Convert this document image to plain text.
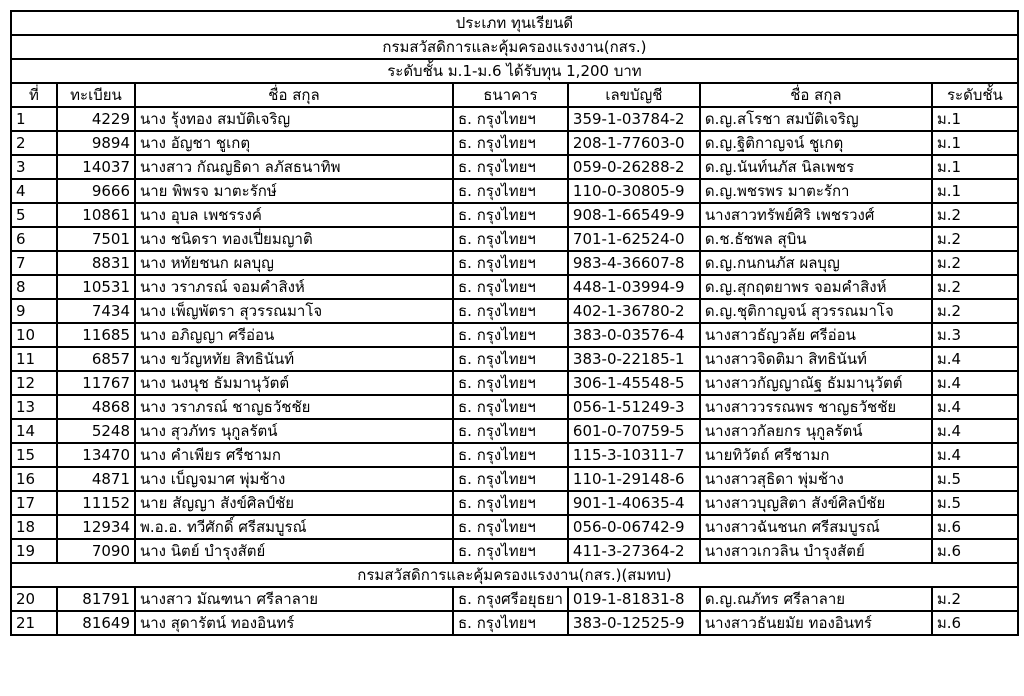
ประเภท ทุนเรียนดี						
กรมสวัสดิการและคุ้มครองแรงงาน(กสร.)						
ระดับชั้น ม.1-ม.6 ได้รับทุน 1,200 บาท						
ที่	ทะเบียน	ชื่อ สกุล	ธนาคาร	เลขบัญชี	ชื่อ สกุล	ระดับชั้น
1	4229	นาง รุ้งทอง สมบัติเจริญ	ธ. กรุงไทยฯ	359-1-03784-2	ด.ญ.สโรชา สมบัติเจริญ	ม.1
2	9894	นาง อัญชา ชูเกตุ	ธ. กรุงไทยฯ	208-1-77603-0	ด.ญ.ฐิติกาญจน์ ชูเกตุ	ม.1
3	14037	นางสาว กัณญธิดา ลภัสธนาทิพ	ธ. กรุงไทยฯ	059-0-26288-2	ด.ญ.นันท์นภัส นิลเพชร	ม.1
4	9666	นาย พิพรจ มาตะรักษ์	ธ. กรุงไทยฯ	110-0-30805-9	ด.ญ.พชรพร มาตะรักา	ม.1
5	10861	นาง อุบล เพชรรงค์	ธ. กรุงไทยฯ	908-1-66549-9	นางสาวทรัพย์ศิริ เพชรวงศ์	ม.2
6	7501	นาง ชนิดรา ทองเปี่ยมญาติ	ธ. กรุงไทยฯ	701-1-62524-0	ด.ช.ธัชพล สุบิน	ม.2
7	8831	นาง หทัยชนก ผลบุญ	ธ. กรุงไทยฯ	983-4-36607-8	ด.ญ.กนกนภัส ผลบุญ	ม.2
8	10531	นาง วราภรณ์ จอมคำสิงห์	ธ. กรุงไทยฯ	448-1-03994-9	ด.ญ.สุกฤตยาพร จอมคำสิงห์	ม.2
9	7434	นาง เพ็ญพัตรา สุวรรณมาโจ	ธ. กรุงไทยฯ	402-1-36780-2	ด.ญ.ชุติกาญจน์ สุวรรณมาโจ	ม.2
10	11685	นาง อภิญญา ศรีอ่อน	ธ. กรุงไทยฯ	383-0-03576-4	นางสาวธัญวลัย ศรีอ่อน	ม.3
11	6857	นาง ขวัญหทัย สิทธินันท์	ธ. กรุงไทยฯ	383-0-22185-1	นางสาวจิดติมา สิทธินันท์	ม.4
12	11767	นาง นงนุช ธัมมานุวัตต์	ธ. กรุงไทยฯ	306-1-45548-5	นางสาวกัญญาณัฐ ธัมมานุวัตต์	ม.4
13	4868	นาง วราภรณ์ ชาญธวัชชัย	ธ. กรุงไทยฯ	056-1-51249-3	นางสาววรรณพร ชาญธวัชชัย	ม.4
14	5248	นาง สุวภัทร นุกูลรัตน์	ธ. กรุงไทยฯ	601-0-70759-5	นางสาวกัลยกร นุกูลรัตน์	ม.4
15	13470	นาง คำเพียร ศรีชามก	ธ. กรุงไทยฯ	115-3-10311-7	นายทิวัตถ์ ศรีชามก	ม.4
16	4871	นาง เบ็ญจมาศ พุ่มช้าง	ธ. กรุงไทยฯ	110-1-29148-6	นางสาวสุธิดา พุ่มช้าง	ม.5
17	11152	นาย สัญญา สังข์ศิลป์ชัย	ธ. กรุงไทยฯ	901-1-40635-4	นางสาวบุญสิตา สังข์ศิลป์ชัย	ม.5
18	12934	พ.อ.อ. ทวีศักดิ์ ศรีสมบูรณ์	ธ. กรุงไทยฯ	056-0-06742-9	นางสาวฉันชนก ศรีสมบูรณ์	ม.6
19	7090	นาง นิตย์ บำรุงสัตย์	ธ. กรุงไทยฯ	411-3-27364-2	นางสาวเกวลิน บำรุงสัตย์	ม.6
กรมสวัสดิการและคุ้มครองแรงงาน(กสร.)(สมทบ)						
20	81791	นางสาว มัณฑนา ศรีลาลาย	ธ. กรุงศรีอยุธยา	019-1-81831-8	ด.ญ.ณภัทร ศรีลาลาย	ม.2
21	81649	นาง สุดารัตน์ ทองอินทร์	ธ. กรุงไทยฯ	383-0-12525-9	นางสาวธันยมัย ทองอินทร์	ม.6
